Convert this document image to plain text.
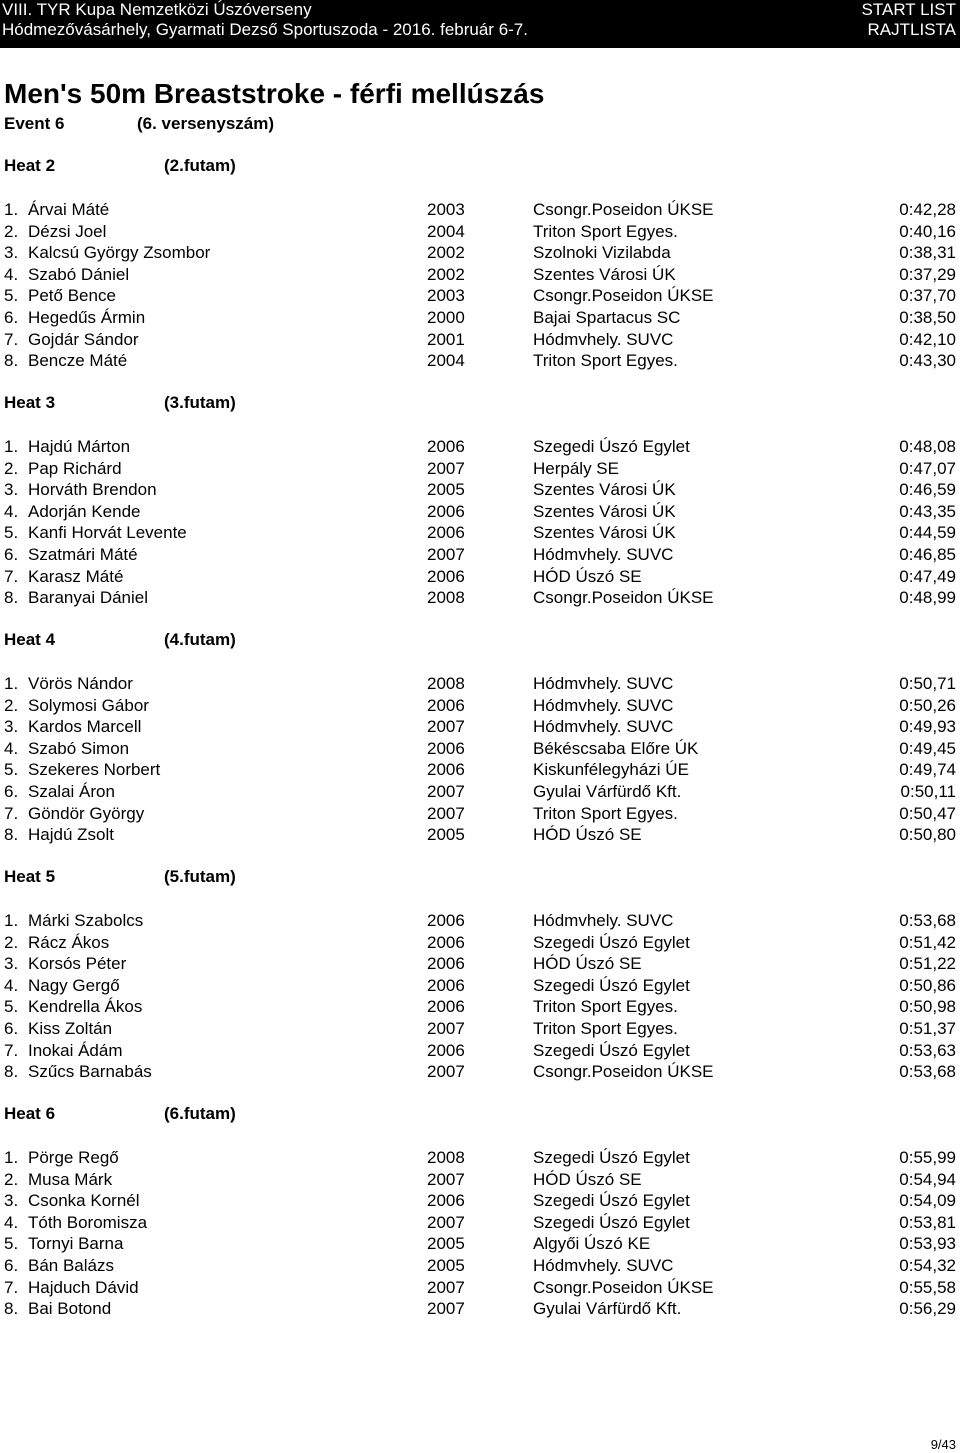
VIII. TYR Kupa Nemzetközi Úszóverseny
Hódmezővásárhely, Gyarmati Dezső Sportuszoda - 2016. február 6-7.
START LIST
RAJTLISTA
Men's 50m Breaststroke - férfi mellúszás
Event 6	(6. versenyszám)
Heat 2	(2.futam)
1. Árvai Máté	2003	Csongr.Poseidon ÚKSE	0:42,28
2. Dézsi Joel	2004	Triton Sport Egyes.	0:40,16
3. Kalcsú György Zsombor	2002	Szolnoki Vizilabda	0:38,31
4. Szabó Dániel	2002	Szentes Városi ÚK	0:37,29
5. Pető Bence	2003	Csongr.Poseidon ÚKSE	0:37,70
6. Hegedűs Ármin	2000	Bajai Spartacus SC	0:38,50
7. Gojdár Sándor	2001	Hódmvhely. SUVC	0:42,10
8. Bencze Máté	2004	Triton Sport Egyes.	0:43,30
Heat 3	(3.futam)
1. Hajdú Márton	2006	Szegedi Úszó Egylet	0:48,08
2. Pap Richárd	2007	Herpály SE	0:47,07
3. Horváth Brendon	2005	Szentes Városi ÚK	0:46,59
4. Adorján Kende	2006	Szentes Városi ÚK	0:43,35
5. Kanfi Horvát Levente	2006	Szentes Városi ÚK	0:44,59
6. Szatmári Máté	2007	Hódmvhely. SUVC	0:46,85
7. Karasz Máté	2006	HÓD Úszó SE	0:47,49
8. Baranyai Dániel	2008	Csongr.Poseidon ÚKSE	0:48,99
Heat 4	(4.futam)
1. Vörös Nándor	2008	Hódmvhely. SUVC	0:50,71
2. Solymosi Gábor	2006	Hódmvhely. SUVC	0:50,26
3. Kardos Marcell	2007	Hódmvhely. SUVC	0:49,93
4. Szabó Simon	2006	Békéscsaba Előre ÚK	0:49,45
5. Szekeres Norbert	2006	Kiskunfélegyházi ÚE	0:49,74
6. Szalai Áron	2007	Gyulai Várfürdő Kft.	0:50,11
7. Göndör György	2007	Triton Sport Egyes.	0:50,47
8. Hajdú Zsolt	2005	HÓD Úszó SE	0:50,80
Heat 5	(5.futam)
1. Márki Szabolcs	2006	Hódmvhely. SUVC	0:53,68
2. Rácz Ákos	2006	Szegedi Úszó Egylet	0:51,42
3. Korsós Péter	2006	HÓD Úszó SE	0:51,22
4. Nagy Gergő	2006	Szegedi Úszó Egylet	0:50,86
5. Kendrella Ákos	2006	Triton Sport Egyes.	0:50,98
6. Kiss Zoltán	2007	Triton Sport Egyes.	0:51,37
7. Inokai Ádám	2006	Szegedi Úszó Egylet	0:53,63
8. Szűcs Barnabás	2007	Csongr.Poseidon ÚKSE	0:53,68
Heat 6	(6.futam)
1. Pörge Regő	2008	Szegedi Úszó Egylet	0:55,99
2. Musa Márk	2007	HÓD Úszó SE	0:54,94
3. Csonka Kornél	2006	Szegedi Úszó Egylet	0:54,09
4. Tóth Boromisza	2007	Szegedi Úszó Egylet	0:53,81
5. Tornyi Barna	2005	Algyői Úszó KE	0:53,93
6. Bán Balázs	2005	Hódmvhely. SUVC	0:54,32
7. Hajduch Dávid	2007	Csongr.Poseidon ÚKSE	0:55,58
8. Bai Botond	2007	Gyulai Várfürdő Kft.	0:56,29
9/43
